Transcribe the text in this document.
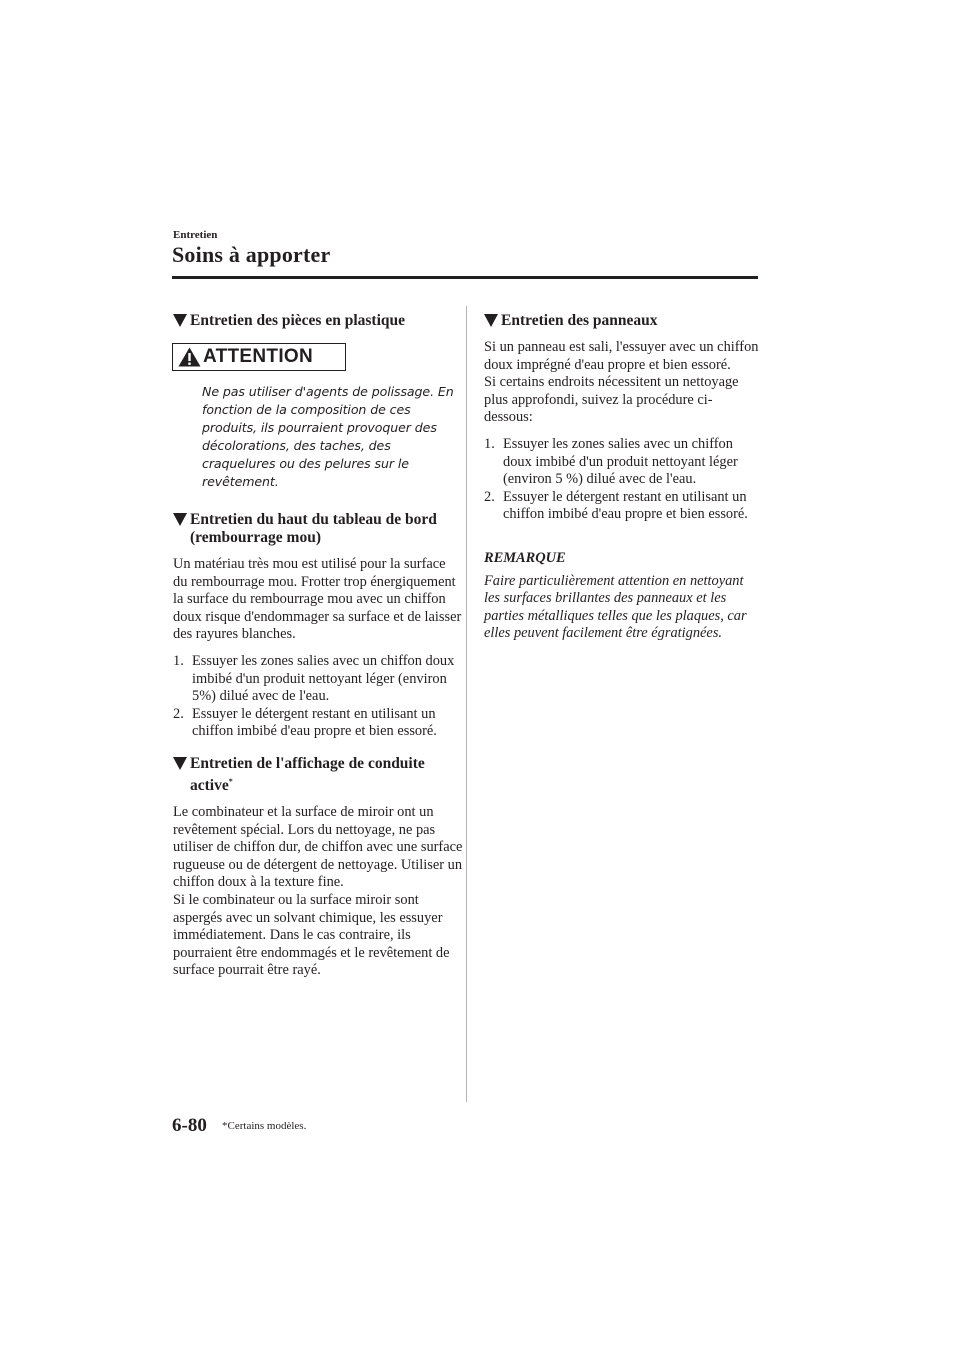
Entretien
Soins à apporter
Entretien des pièces en plastique
ATTENTION

Ne pas utiliser d'agents de polissage. En fonction de la composition de ces produits, ils pourraient provoquer des décolorations, des taches, des craquelures ou des pelures sur le revêtement.

Entretien du haut du tableau de bord (rembourrage mou)

Un matériau très mou est utilisé pour la surface du rembourrage mou. Frotter trop énergiquement la surface du rembourrage mou avec un chiffon doux risque d'endommager sa surface et de laisser des rayures blanches.

1. Essuyer les zones salies avec un chiffon doux imbibé d'un produit nettoyant léger (environ 5%) dilué avec de l'eau.
2. Essuyer le détergent restant en utilisant un chiffon imbibé d'eau propre et bien essoré.
Entretien de l'affichage de conduite active*

Le combinateur et la surface de miroir ont un revêtement spécial. Lors du nettoyage, ne pas utiliser de chiffon dur, de chiffon avec une surface rugueuse ou de détergent de nettoyage. Utiliser un chiffon doux à la texture fine.

Si le combinateur ou la surface miroir sont aspergés avec un solvant chimique, les essuyer immédiatement. Dans le cas contraire, ils pourraient être endommagés et le revêtement de surface pourrait être rayé.

Entretien des panneaux

Si un panneau est sali, l'essuyer avec un chiffon doux imprégné d'eau propre et bien essoré.

Si certains endroits nécessitent un nettoyage plus approfondi, suivez la procédure ci-dessous:

1. Essuyer les zones salies avec un chiffon doux imbibé d'un produit nettoyant léger (environ 5 %) dilué avec de l'eau.
2. Essuyer le détergent restant en utilisant un chiffon imbibé d'eau propre et bien essoré.

REMARQUE

Faire particulièrement attention en nettoyant les surfaces brillantes des panneaux et les parties métalliques telles que les plaques, car elles peuvent facilement être égratignées.

6-80 *Certains modèles.
